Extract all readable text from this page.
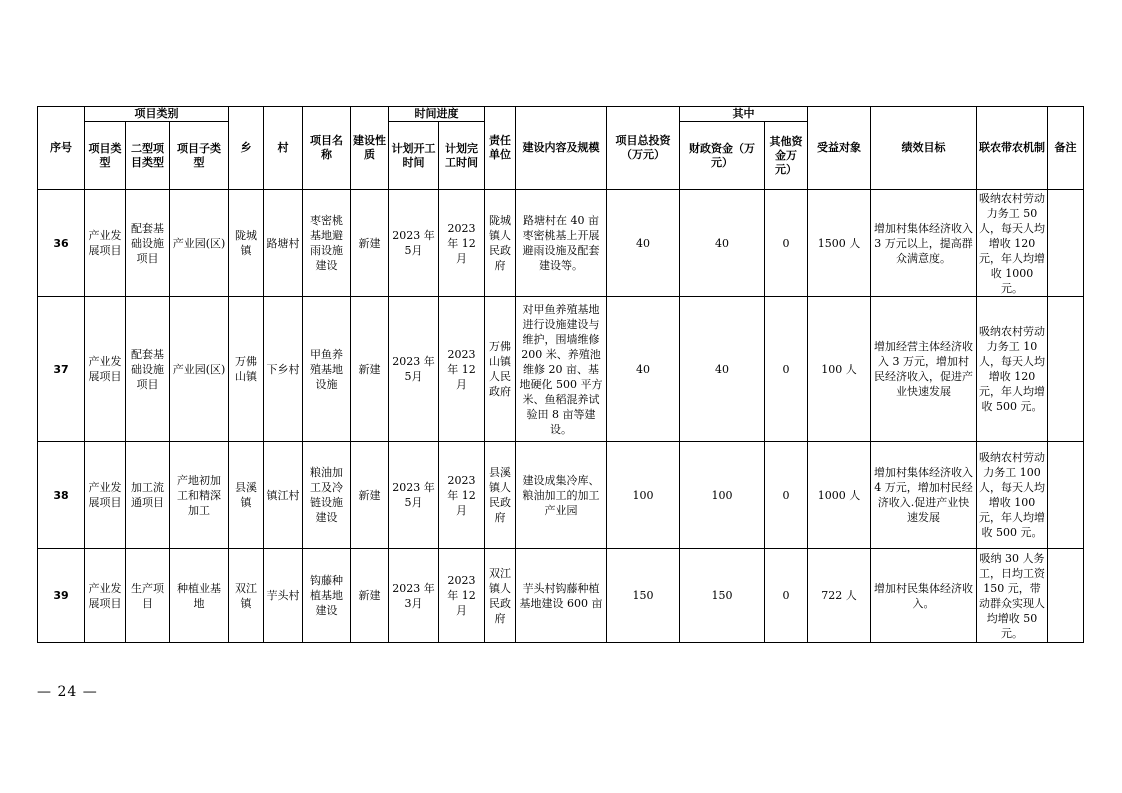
序号	项目类别			乡	村	项目名称	建设性质	时间进度		责任单位	建设内容及规模	项目总投资（万元）	其中		受益对象	绩效目标	联农带农机制	备注
	项目类型	二型项目类型	项目子类型					计划开工时间	计划完工时间				财政资金（万元）	其他资金万元）				
36	产业发展项目	配套基础设施项目	产业园(区)	陇城镇	路塘村	枣密桃基地避雨设施建设	新建	2023 年 5月	2023 年 12 月	陇城镇人民政府	路塘村在 40 亩枣密桃基上开展避雨设施及配套建设等。	40	40	0	1500 人	增加村集体经济收入 3 万元以上，提高群众满意度。	吸纳农村劳动力务工 50 人，每天人均增收 120 元，年人均增收 1000 元。	
37	产业发展项目	配套基础设施项目	产业园(区)	万佛山镇	下乡村	甲鱼养殖基地设施	新建	2023 年 5月	2023 年 12 月	万佛山镇人民政府	对甲鱼养殖基地进行设施建设与维护，围墙维修 200 米、养殖池维修 20 亩、基地硬化 500 平方米、鱼稻混养试验田 8 亩等建设。	40	40	0	100 人	增加经营主体经济收入 3 万元，增加村民经济收入，促进产业快速发展	吸纳农村劳动力务工 10 人，每天人均增收 120 元，年人均增收 500 元。	
38	产业发展项目	加工流通项目	产地初加工和精深加工	县溪镇	镇江村	粮油加工及冷链设施建设	新建	2023 年 5月	2023 年 12 月	县溪镇人民政府	建设成集冷库、粮油加工的加工产业园	100	100	0	1000 人	增加村集体经济收入 4 万元，增加村民经济收入.促进产业快速发展	吸纳农村劳动力务工 100 人，每天人均增收 100 元，年人均增收 500 元。	
39	产业发展项目	生产项目	种植业基地	双江镇	芋头村	钩藤种植基地建设	新建	2023 年 3月	2023 年 12 月	双江镇人民政府	芋头村钩藤种植基地建设 600 亩	150	150	0	722 人	增加村民集体经济收入。	吸纳 30 人务工，日均工资 150 元，带动群众实现人均增收 50 元。	
— 24 —
